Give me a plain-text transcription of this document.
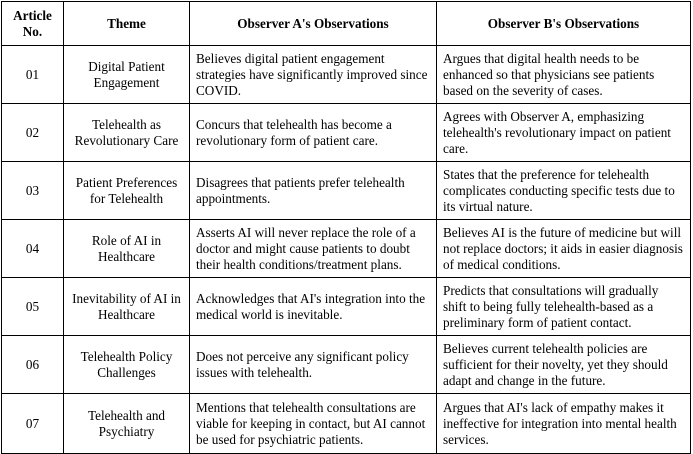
Article No.	Theme	Observer A's Observations	Observer B's Observations
01	Digital Patient Engagement	Believes digital patient engagement strategies have significantly improved since COVID.	Argues that digital health needs to be enhanced so that physicians see patients based on the severity of cases.
02	Telehealth as Revolutionary Care	Concurs that telehealth has become a revolutionary form of patient care.	Agrees with Observer A, emphasizing telehealth's revolutionary impact on patient care.
03	Patient Preferences for Telehealth	Disagrees that patients prefer telehealth appointments.	States that the preference for telehealth complicates conducting specific tests due to its virtual nature.
04	Role of AI in Healthcare	Asserts AI will never replace the role of a doctor and might cause patients to doubt their health conditions/treatment plans.	Believes AI is the future of medicine but will not replace doctors; it aids in easier diagnosis of medical conditions.
05	Inevitability of AI in Healthcare	Acknowledges that AI's integration into the medical world is inevitable.	Predicts that consultations will gradually shift to being fully telehealth-based as a preliminary form of patient contact.
06	Telehealth Policy Challenges	Does not perceive any significant policy issues with telehealth.	Believes current telehealth policies are sufficient for their novelty, yet they should adapt and change in the future.
07	Telehealth and Psychiatry	Mentions that telehealth consultations are viable for keeping in contact, but AI cannot be used for psychiatric patients.	Argues that AI's lack of empathy makes it ineffective for integration into mental health services.
